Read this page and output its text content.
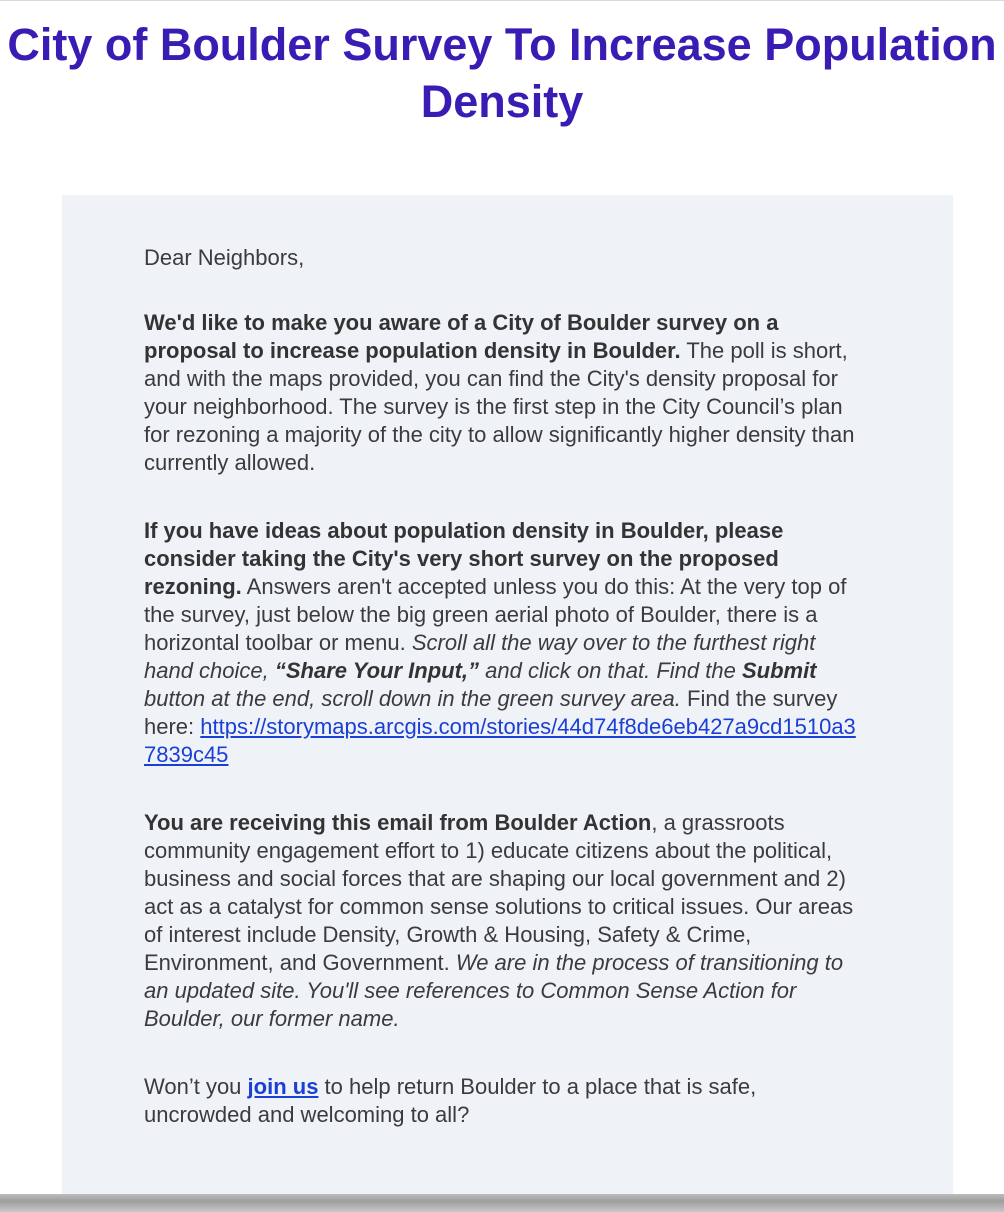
City of Boulder Survey To Increase Population Density

Dear Neighbors,

We'd like to make you aware of a City of Boulder survey on a proposal to increase population density in Boulder. The poll is short, and with the maps provided, you can find the City's density proposal for your neighborhood. The survey is the first step in the City Council’s plan for rezoning a majority of the city to allow significantly higher density than currently allowed.

If you have ideas about population density in Boulder, please consider taking the City's very short survey on the proposed rezoning. Answers aren't accepted unless you do this: At the very top of the survey, just below the big green aerial photo of Boulder, there is a horizontal toolbar or menu. Scroll all the way over to the furthest right hand choice, “Share Your Input,” and click on that. Find the Submit button at the end, scroll down in the green survey area. Find the survey here: https://storymaps.arcgis.com/stories/44d74f8de6eb427a9cd1510a37839c45

You are receiving this email from Boulder Action, a grassroots community engagement effort to 1) educate citizens about the political, business and social forces that are shaping our local government and 2) act as a catalyst for common sense solutions to critical issues. Our areas of interest include Density, Growth & Housing, Safety & Crime, Environment, and Government. We are in the process of transitioning to an updated site. You'll see references to Common Sense Action for Boulder, our former name.

Won’t you join us to help return Boulder to a place that is safe, uncrowded and welcoming to all?
